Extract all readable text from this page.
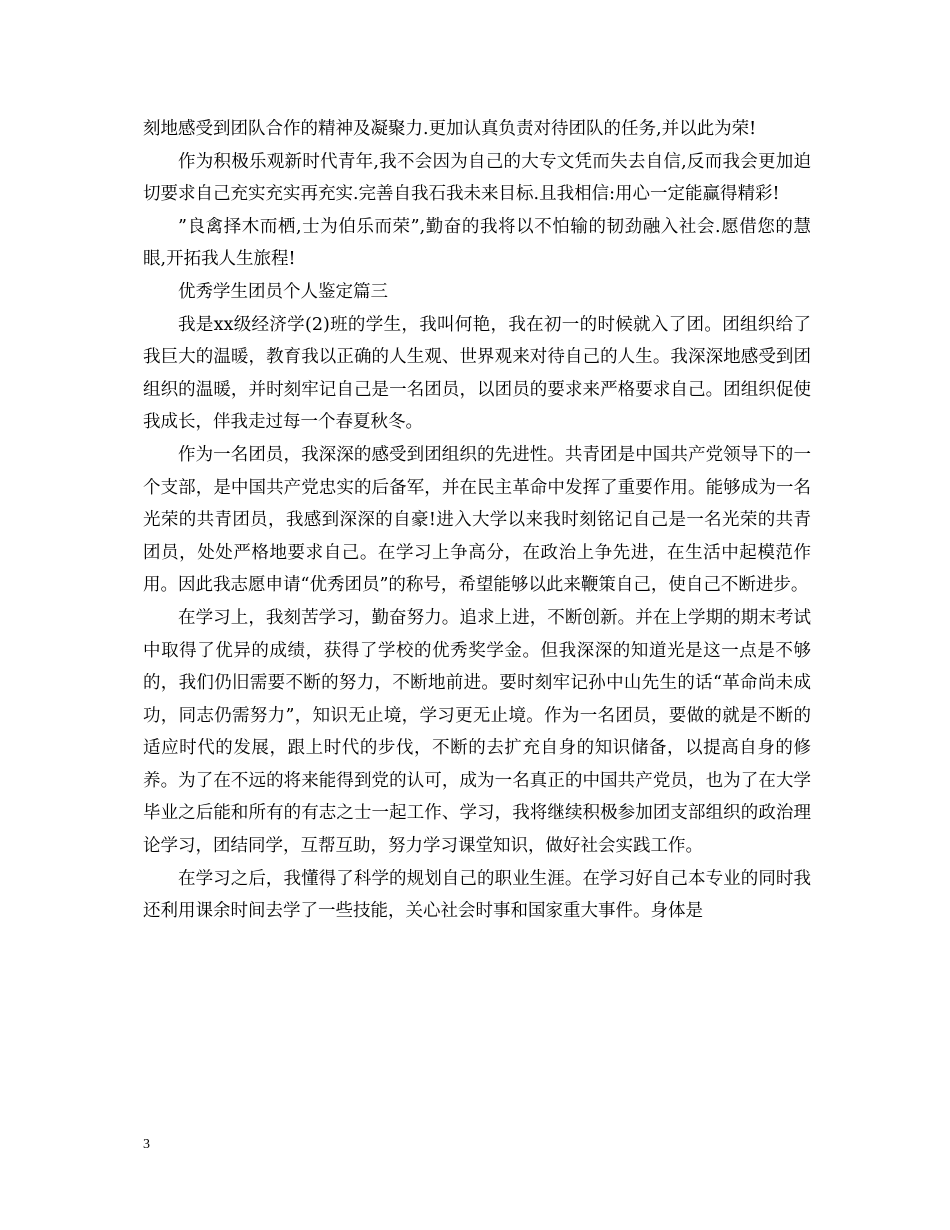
刻地感受到团队合作的精神及凝聚力.更加认真负责对待团队的任务,并以此为荣!

作为积极乐观新时代青年,我不会因为自己的大专文凭而失去自信,反而我会更加迫切要求自己充实充实再充实.完善自我石我未来目标.且我相信:用心一定能赢得精彩!

”良禽择木而栖,士为伯乐而荣”,勤奋的我将以不怕输的韧劲融入社会.愿借您的慧眼,开拓我人生旅程!

优秀学生团员个人鉴定篇三

我是xx级经济学(2)班的学生，我叫何艳，我在初一的时候就入了团。团组织给了我巨大的温暖，教育我以正确的人生观、世界观来对待自己的人生。我深深地感受到团组织的温暖，并时刻牢记自己是一名团员，以团员的要求来严格要求自己。团组织促使我成长，伴我走过每一个春夏秋冬。

作为一名团员，我深深的感受到团组织的先进性。共青团是中国共产党领导下的一个支部，是中国共产党忠实的后备军，并在民主革命中发挥了重要作用。能够成为一名光荣的共青团员，我感到深深的自豪!进入大学以来我时刻铭记自己是一名光荣的共青团员，处处严格地要求自己。在学习上争高分，在政治上争先进，在生活中起模范作用。因此我志愿申请“优秀团员”的称号，希望能够以此来鞭策自己，使自己不断进步。

在学习上，我刻苦学习，勤奋努力。追求上进，不断创新。并在上学期的期末考试中取得了优异的成绩，获得了学校的优秀奖学金。但我深深的知道光是这一点是不够的，我们仍旧需要不断的努力，不断地前进。要时刻牢记孙中山先生的话“革命尚未成功，同志仍需努力”，知识无止境，学习更无止境。作为一名团员，要做的就是不断的适应时代的发展，跟上时代的步伐，不断的去扩充自身的知识储备，以提高自身的修养。为了在不远的将来能得到党的认可，成为一名真正的中国共产党员，也为了在大学毕业之后能和所有的有志之士一起工作、学习，我将继续积极参加团支部组织的政治理论学习，团结同学，互帮互助，努力学习课堂知识，做好社会实践工作。

在学习之后，我懂得了科学的规划自己的职业生涯。在学习好自己本专业的同时我还利用课余时间去学了一些技能，关心社会时事和国家重大事件。身体是

3
